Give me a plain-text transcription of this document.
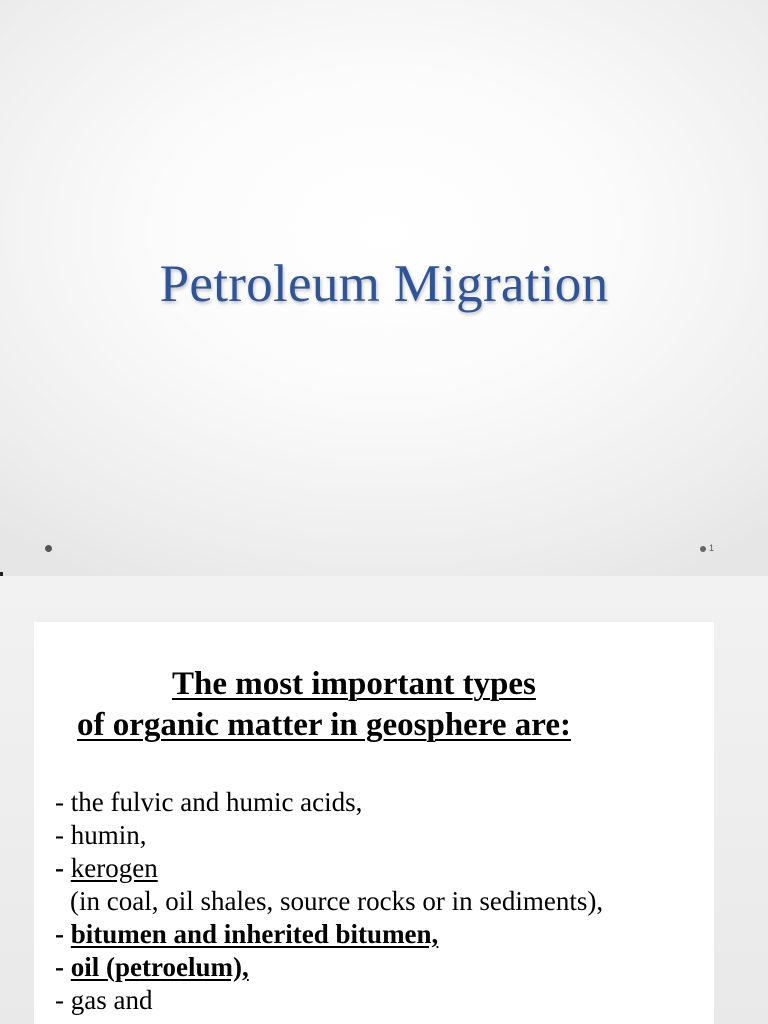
Petroleum Migration
1
The most important types
of organic matter in geosphere are:
- the fulvic and humic acids,
- humin,
- kerogen
(in coal, oil shales, source rocks or in sediments),
- bitumen and inherited bitumen,
- oil (petroelum),
- gas and
